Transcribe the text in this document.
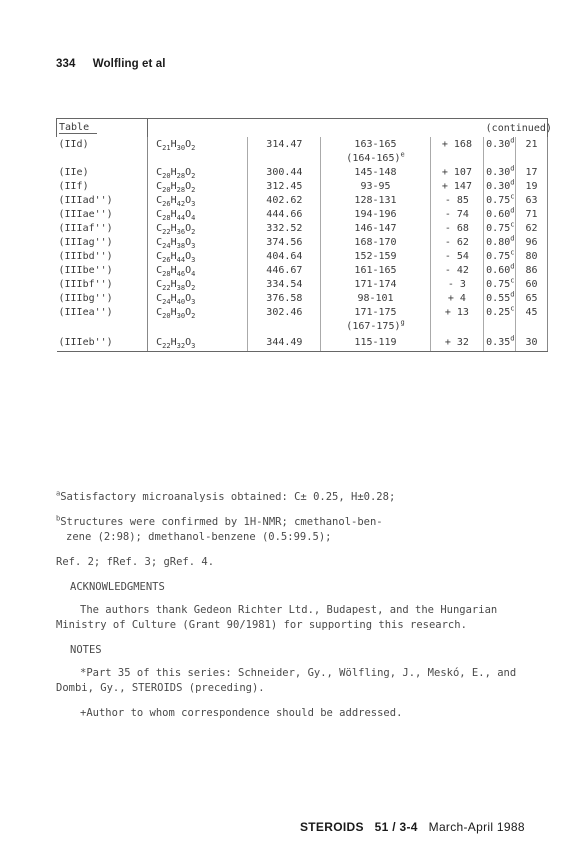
334 Wolfling et al
Table					(continued)	
(IId)	$C_{21}H_{30}O_2$	314.47	163-165	+ 168	0.30$^d$	21
			$(164-165)^e$			
(IIe)	$C_{20}H_{28}O_2$	300.44	145-148	+ 107	0.30$^d$	17
(IIf)	$C_{20}H_{28}O_2$	312.45	93-95	+ 147	0.30$^d$	19
(IIIad'')	$C_{26}H_{42}O_3$	402.62	128-131	- 85	0.75$^c$	63
(IIIae'')	$C_{28}H_{44}O_4$	444.66	194-196	- 74	0.60$^d$	71
(IIIaf'')	$C_{22}H_{36}O_2$	332.52	146-147	- 68	0.75$^c$	62
(IIIag'')	$C_{24}H_{38}O_3$	374.56	168-170	- 62	0.80$^d$	96
(IIIbd'')	$C_{26}H_{44}O_3$	404.64	152-159	- 54	0.75$^c$	80
(IIIbe'')	$C_{28}H_{46}O_4$	446.67	161-165	- 42	0.60$^d$	86
(IIIbf'')	$C_{22}H_{38}O_2$	334.54	171-174	- 3	0.75$^c$	60
(IIIbg'')	$C_{24}H_{40}O_3$	376.58	98-101	+ 4	0.55$^d$	65
(IIIea'')	$C_{20}H_{30}O_2$	302.46	171-175	+ 13	0.25$^c$	45
			$(167-175)^g$			
(IIIeb'')	$C_{22}H_{32}O_3$	344.49	115-119	+ 32	0.35$^d$	30

$^a$Satisfactory microanalysis obtained: C± 0.25, H±0.28;

$^b$Structures were confirmed by 1H-NMR; cmethanol-ben-

zene (2:98); dmethanol-benzene (0.5:99.5);

Ref. 2; fRef. 3; gRef. 4.

ACKNOWLEDGMENTS

The authors thank Gedeon Richter Ltd., Budapest, and the Hungarian Ministry of Culture (Grant 90/1981) for supporting this research.

NOTES

*Part 35 of this series: Schneider, Gy., Wölfling, J., Meskó, E., and Dombi, Gy., STEROIDS (preceding).

+Author to whom correspondence should be addressed.

STEROIDS 51 / 3-4 March-April 1988
